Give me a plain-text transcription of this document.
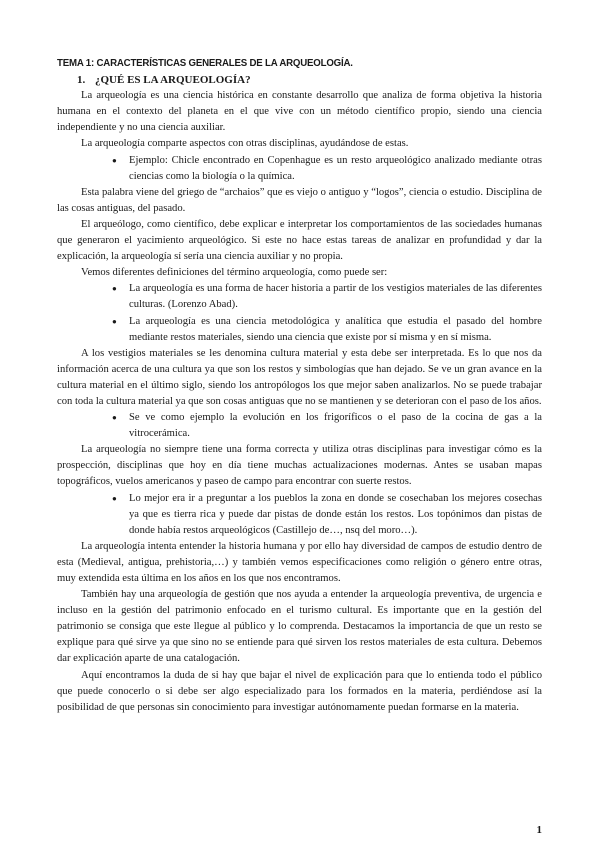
TEMA 1: CARACTERÍSTICAS GENERALES DE LA ARQUEOLOGÍA.
1. ¿QUÉ ES LA ARQUEOLOGÍA?

La arqueología es una ciencia histórica en constante desarrollo que analiza de forma objetiva la historia humana en el contexto del planeta en el que vive con un método científico propio, siendo una ciencia independiente y no una ciencia auxiliar.

La arqueología comparte aspectos con otras disciplinas, ayudándose de estas.

● Ejemplo: Chicle encontrado en Copenhague es un resto arqueológico analizado mediante otras ciencias como la biología o la química.

Esta palabra viene del griego de “archaios” que es viejo o antiguo y “logos”, ciencia o estudio. Disciplina de las cosas antiguas, del pasado.

El arqueólogo, como científico, debe explicar e interpretar los comportamientos de las sociedades humanas que generaron el yacimiento arqueológico. Si este no hace estas tareas de analizar en profundidad y dar la explicación, la arqueología sí sería una ciencia auxiliar y no propia.

Vemos diferentes definiciones del término arqueología, como puede ser:

● La arqueología es una forma de hacer historia a partir de los vestigios materiales de las diferentes culturas. (Lorenzo Abad).
● La arqueología es una ciencia metodológica y analítica que estudia el pasado del hombre mediante restos materiales, siendo una ciencia que existe por sí misma y en sí misma.

A los vestigios materiales se les denomina cultura material y esta debe ser interpretada. Es lo que nos da información acerca de una cultura ya que son los restos y simbologías que han dejado. Se ve un gran avance en la cultura material en el último siglo, siendo los antropólogos los que mejor saben analizarlos. No se puede trabajar con toda la cultura material ya que son cosas antiguas que no se mantienen y se deterioran con el paso de los años.

● Se ve como ejemplo la evolución en los frigoríficos o el paso de la cocina de gas a la vitrocerámica.

La arqueología no siempre tiene una forma correcta y utiliza otras disciplinas para investigar cómo es la prospección, disciplinas que hoy en día tiene muchas actualizaciones modernas. Antes se usaban mapas topográficos, vuelos americanos y paseo de campo para encontrar con suerte restos.

● Lo mejor era ir a preguntar a los pueblos la zona en donde se cosechaban los mejores cosechas ya que es tierra rica y puede dar pistas de donde están los restos. Los topónimos dan pistas de donde había restos arqueológicos (Castillejo de…, nsq del moro…).

La arqueología intenta entender la historia humana y por ello hay diversidad de campos de estudio dentro de esta (Medieval, antigua, prehistoria,…) y también vemos especificaciones como religión o género entre otras, muy extendida esta última en los años en los que nos encontramos.

También hay una arqueología de gestión que nos ayuda a entender la arqueología preventiva, de urgencia e incluso en la gestión del patrimonio enfocado en el turismo cultural. Es importante que en la gestión del patrimonio se consiga que este llegue al público y lo comprenda. Destacamos la importancia de que un resto se explique para qué sirve ya que sino no se entiende para qué sirven los restos materiales de esta cultura. Debemos dar explicación aparte de una catalogación.

Aquí encontramos la duda de si hay que bajar el nivel de explicación para que lo entienda todo el público que puede conocerlo o si debe ser algo especializado para los formados en la materia, perdiéndose así la posibilidad de que personas sin conocimiento para investigar autónomamente puedan formarse en la materia.

1
